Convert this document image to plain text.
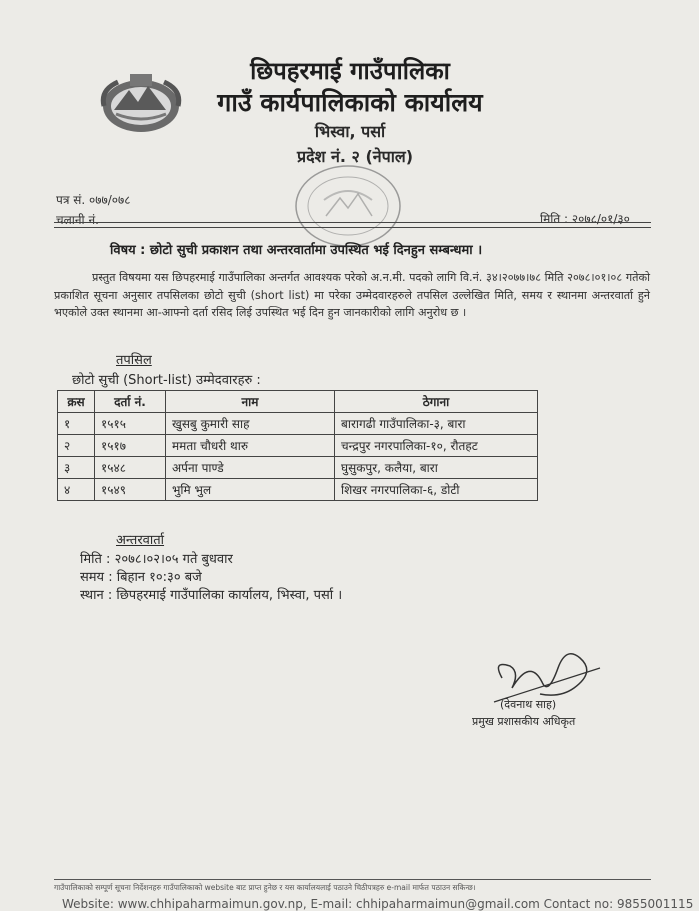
छिपहरमाई गाउँपालिका
गाउँ कार्यपालिकाको कार्यालय
भिस्वा, पर्सा
प्रदेश नं. २ (नेपाल)
पत्र सं. ०७७/०७८
चलानी नं.	मिति : २०७८/०१/३०
विषय : छोटो सुची प्रकाशन तथा अन्तरवार्तामा उपस्थित भई दिनहुन सम्बन्धमा ।
प्रस्तुत विषयमा यस छिपहरमाई गाउँपालिका अन्तर्गत आवश्यक परेको अ.न.मी. पदको लागि वि.नं. ३४।२०७७।७८ मिति २०७८।०१।०८ गतेको प्रकाशित सूचना अनुसार तपसिलका छोटो सुची (short list) मा परेका उम्मेदवारहरुले तपसिल उल्लेखित मिति, समय र स्थानमा अन्तरवार्ता हुने भएकोले उक्त स्थानमा आ-आफ्नो दर्ता रसिद लिई उपस्थित भई दिन हुन जानकारीको लागि अनुरोध छ ।
तपसिल
छोटो सुची (Short-list) उम्मेदवारहरु :
क्रस	दर्ता नं.	नाम	ठेगाना
१	१५१५	खुसबु कुमारी साह	बारागढी गाउँपालिका-३, बारा
२	१५१७	ममता चौधरी थारु	चन्द्रपुर नगरपालिका-१०, रौतहट
३	१५४८	अर्पना पाण्डे	घुसुकपुर, कलैया, बारा
४	१५४९	भुमि भुल	शिखर नगरपालिका-६, डोटी
अन्तरवार्ता
मिति : २०७८।०२।०५ गते बुधवार
समय : बिहान १०:३० बजे
स्थान : छिपहरमाई गाउँपालिका कार्यालय, भिस्वा, पर्सा ।
(देवनाथ साह)
प्रमुख प्रशासकीय अधिकृत
गाउँपालिकाको सम्पूर्ण सूचना निर्देशनहरु गाउँपालिकाको website बाट प्राप्त हुनेछ र यस कार्यालयलाई पठाउने चिठीपत्रहरु e-mail मार्फत पठाउन सकिन्छ।
Website: www.chhipaharmaimun.gov.np, E-mail: chhipaharmaimun@gmail.com Contact no: 9855001115
